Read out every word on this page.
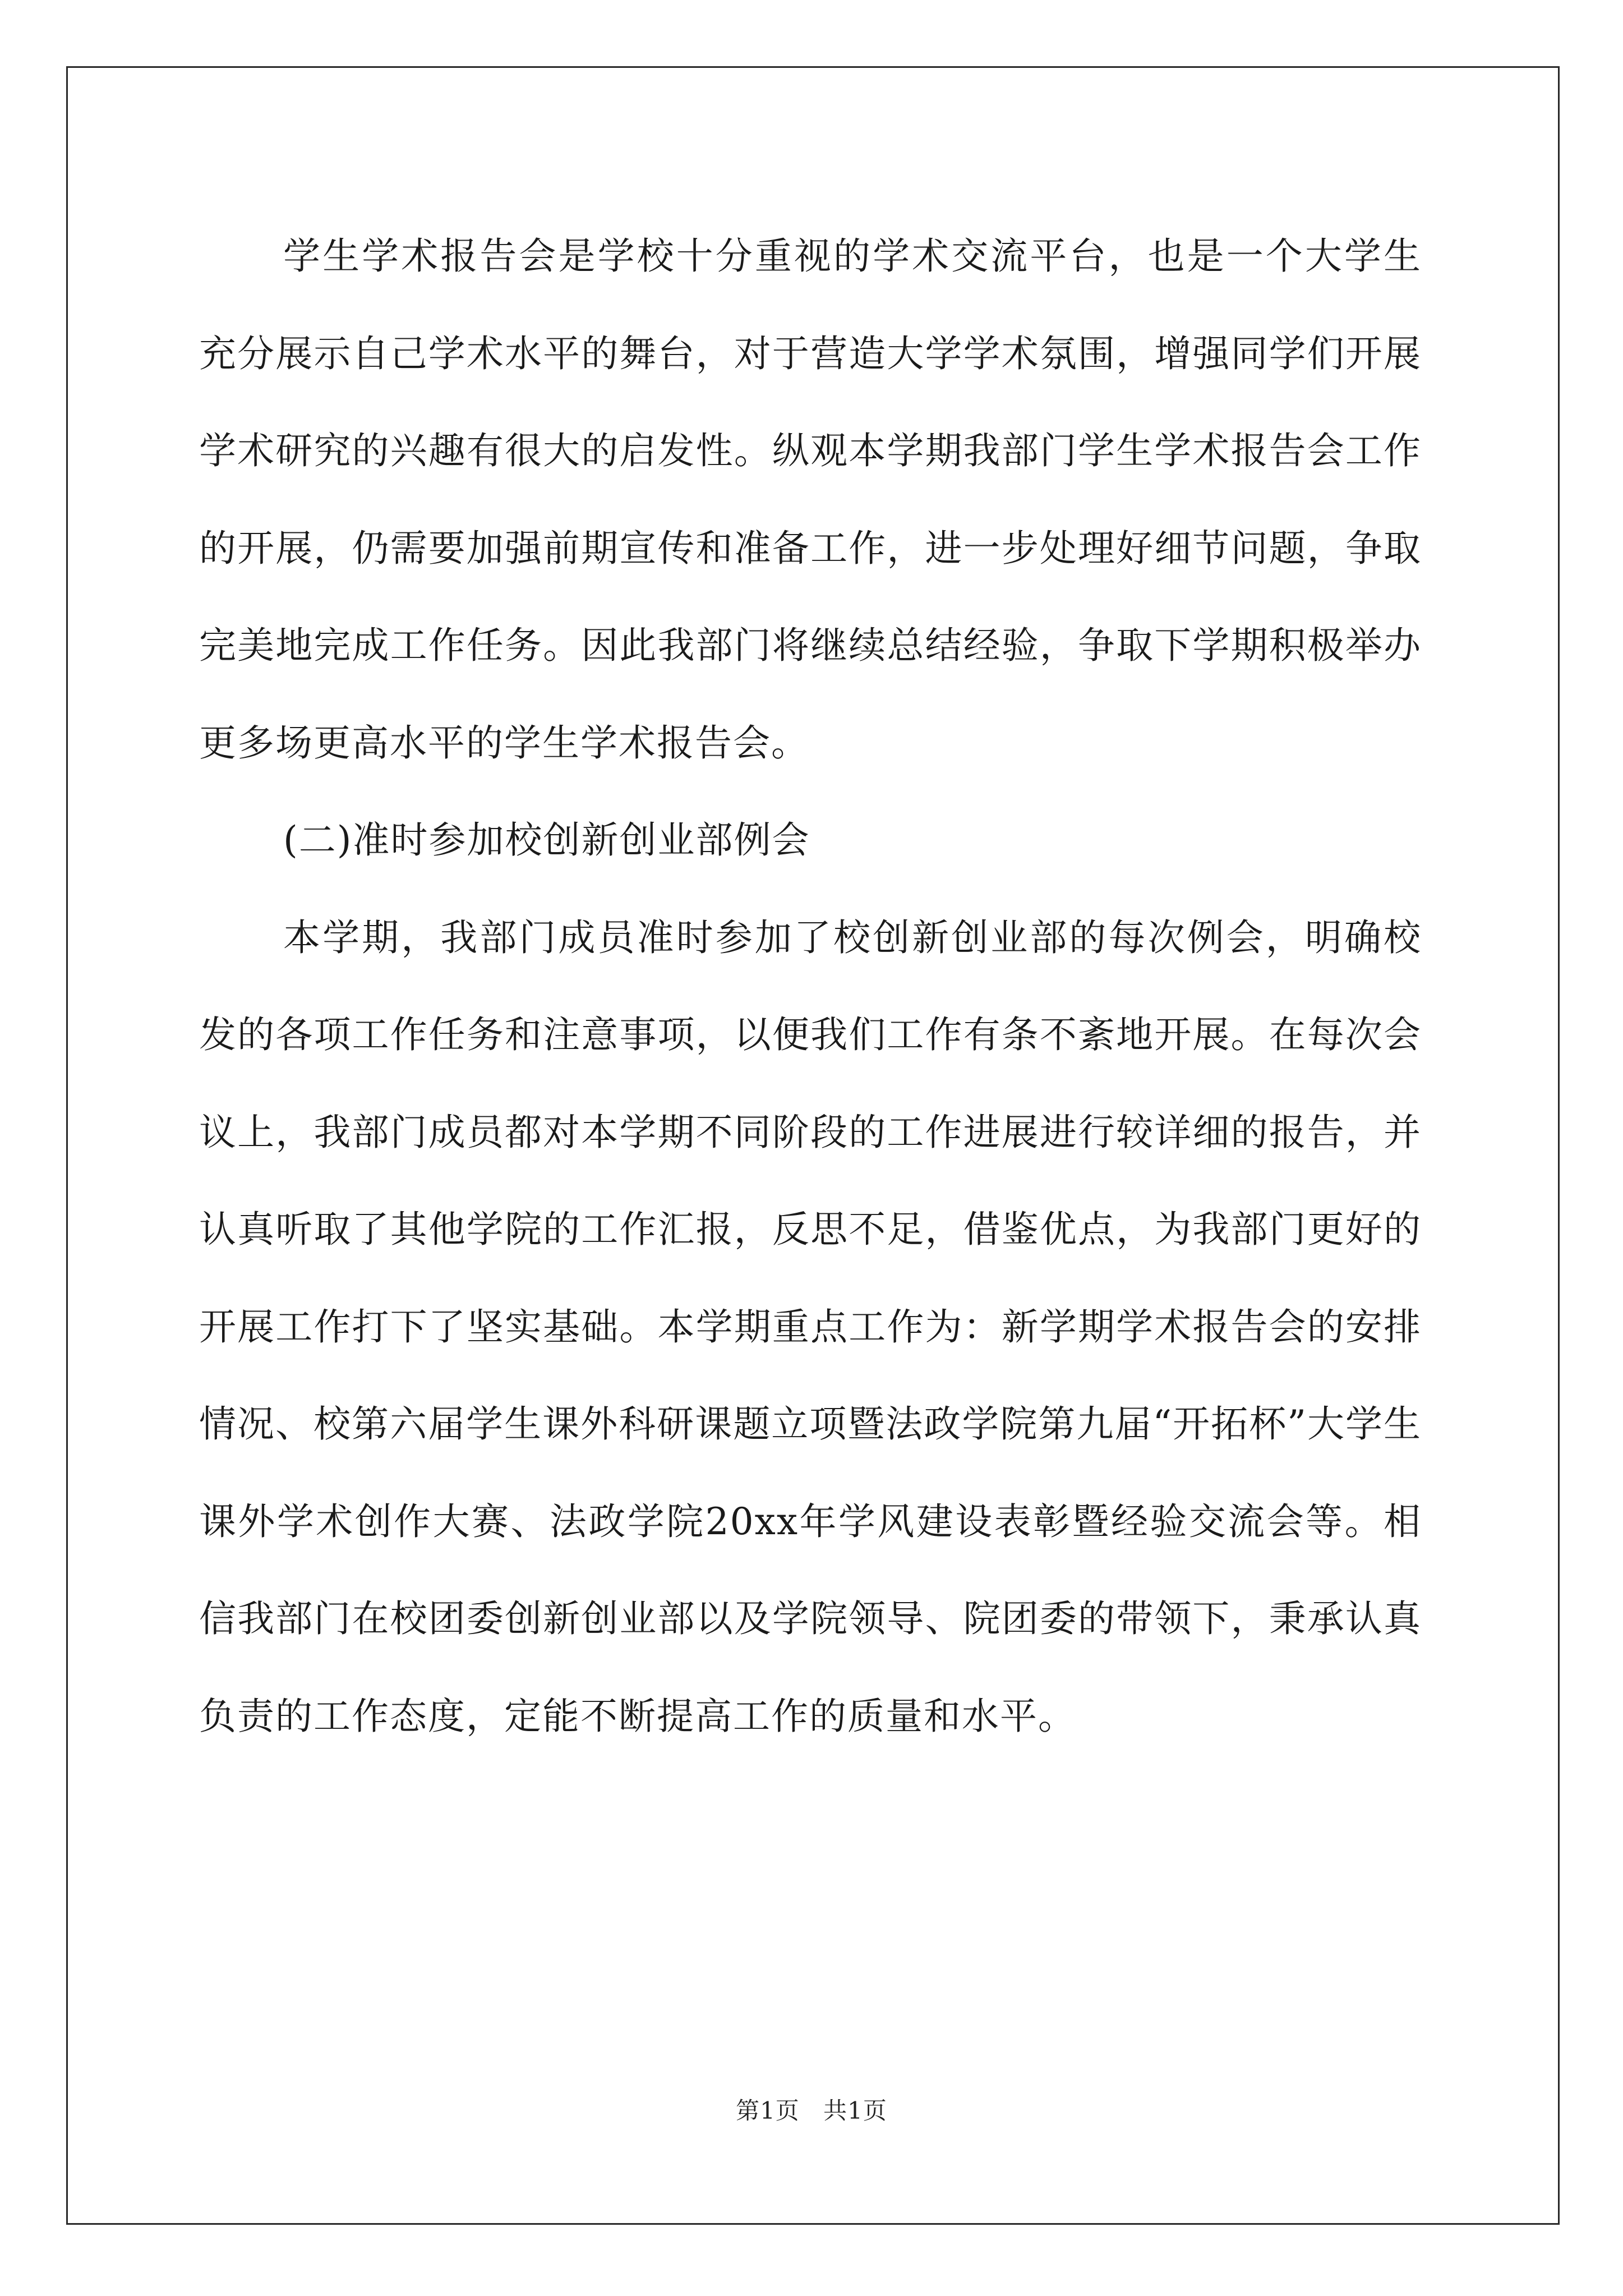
学生学术报告会是学校十分重视的学术交流平台，也是一个大学生充分展示自己学术水平的舞台，对于营造大学学术氛围，增强同学们开展学术研究的兴趣有很大的启发性。纵观本学期我部门学生学术报告会工作的开展，仍需要加强前期宣传和准备工作，进一步处理好细节问题，争取完美地完成工作任务。因此我部门将继续总结经验，争取下学期积极举办更多场更高水平的学生学术报告会。

(二)准时参加校创新创业部例会

本学期，我部门成员准时参加了校创新创业部的每次例会，明确校发的各项工作任务和注意事项，以便我们工作有条不紊地开展。在每次会议上，我部门成员都对本学期不同阶段的工作进展进行较详细的报告，并认真听取了其他学院的工作汇报，反思不足，借鉴优点，为我部门更好的开展工作打下了坚实基础。本学期重点工作为：新学期学术报告会的安排情况、校第六届学生课外科研课题立项暨法政学院第九届“开拓杯”大学生课外学术创作大赛、法政学院20xx年学风建设表彰暨经验交流会等。相信我部门在校团委创新创业部以及学院领导、院团委的带领下，秉承认真负责的工作态度，定能不断提高工作的质量和水平。

第1页 共1页
